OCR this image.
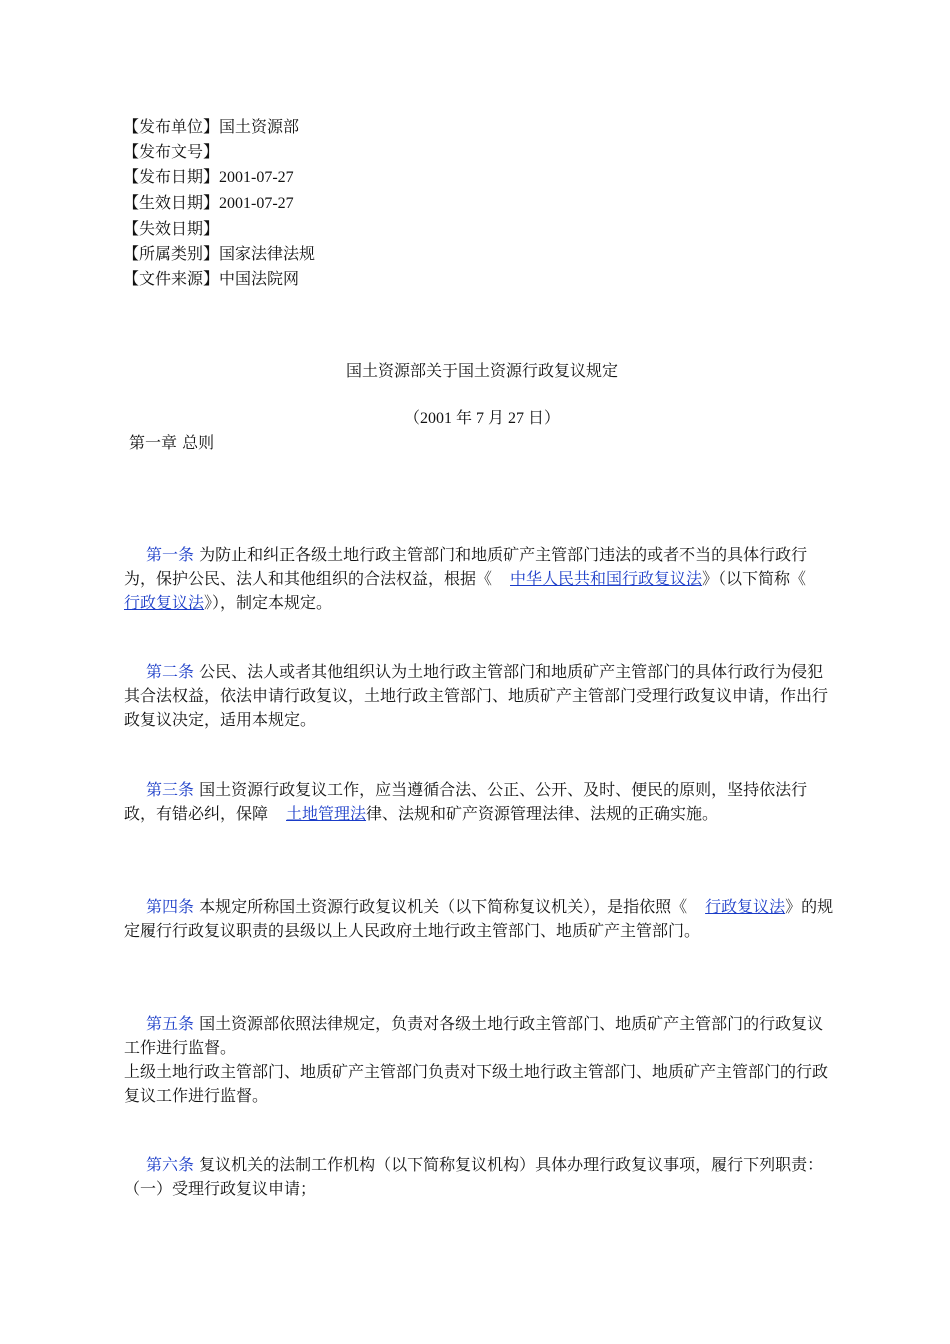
【发布单位】国土资源部
【发布文号】
【发布日期】2001-07-27
【生效日期】2001-07-27
【失效日期】
【所属类别】国家法律法规
【文件来源】中国法院网
国土资源部关于国土资源行政复议规定
（2001 年 7 月 27 日）
第一章 总则
第一条 为防止和纠正各级土地行政主管部门和地质矿产主管部门违法的或者不当的具体行政行为，保护公民、法人和其他组织的合法权益，根据《 中华人民共和国行政复议法》（以下简称《行政复议法》），制定本规定。
第二条 公民、法人或者其他组织认为土地行政主管部门和地质矿产主管部门的具体行政行为侵犯其合法权益，依法申请行政复议，土地行政主管部门、地质矿产主管部门受理行政复议申请，作出行政复议决定，适用本规定。
第三条 国土资源行政复议工作，应当遵循合法、公正、公开、及时、便民的原则，坚持依法行政，有错必纠，保障 土地管理法律、法规和矿产资源管理法律、法规的正确实施。
第四条 本规定所称国土资源行政复议机关（以下简称复议机关），是指依照《 行政复议法》的规定履行行政复议职责的县级以上人民政府土地行政主管部门、地质矿产主管部门。
第五条 国土资源部依照法律规定，负责对各级土地行政主管部门、地质矿产主管部门的行政复议工作进行监督。
上级土地行政主管部门、地质矿产主管部门负责对下级土地行政主管部门、地质矿产主管部门的行政复议工作进行监督。
第六条 复议机关的法制工作机构（以下简称复议机构）具体办理行政复议事项，履行下列职责：
（一）受理行政复议申请；
